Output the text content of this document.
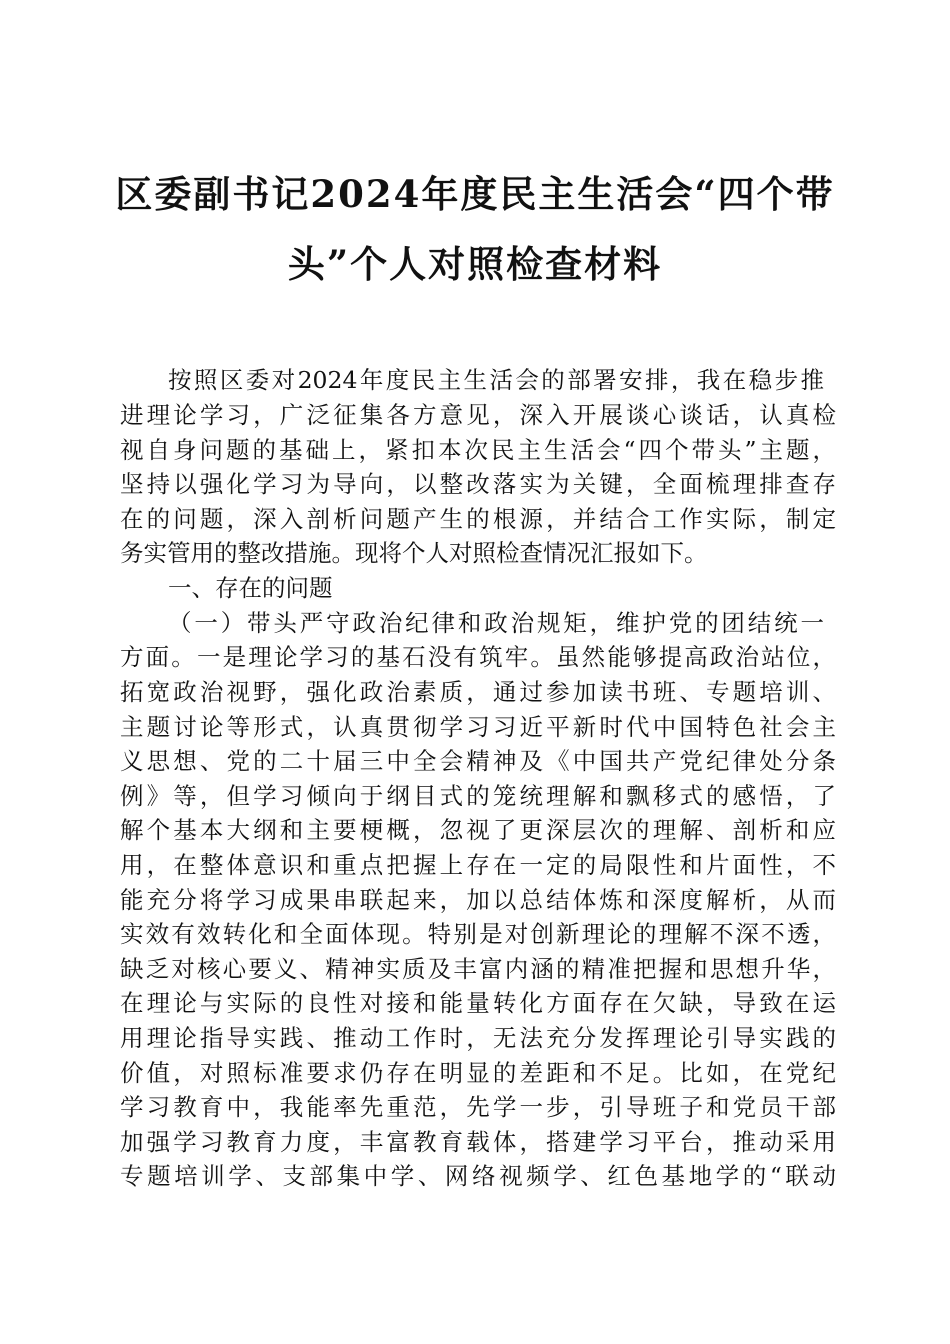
区委副书记2024年度民主生活会“四个带
头”个人对照检查材料
按照区委对2024年度民主生活会的部署安排，我在稳步推
进理论学习，广泛征集各方意见，深入开展谈心谈话，认真检
视自身问题的基础上，紧扣本次民主生活会“四个带头”主题，
坚持以强化学习为导向，以整改落实为关键，全面梳理排查存
在的问题，深入剖析问题产生的根源，并结合工作实际，制定
务实管用的整改措施。现将个人对照检查情况汇报如下。
一、存在的问题
（一）带头严守政治纪律和政治规矩，维护党的团结统一
方面。一是理论学习的基石没有筑牢。虽然能够提高政治站位，
拓宽政治视野，强化政治素质，通过参加读书班、专题培训、
主题讨论等形式，认真贯彻学习习近平新时代中国特色社会主
义思想、党的二十届三中全会精神及《中国共产党纪律处分条
例》等，但学习倾向于纲目式的笼统理解和飘移式的感悟，了
解个基本大纲和主要梗概，忽视了更深层次的理解、剖析和应
用，在整体意识和重点把握上存在一定的局限性和片面性，不
能充分将学习成果串联起来，加以总结体炼和深度解析，从而
实效有效转化和全面体现。特别是对创新理论的理解不深不透，
缺乏对核心要义、精神实质及丰富内涵的精准把握和思想升华，
在理论与实际的良性对接和能量转化方面存在欠缺，导致在运
用理论指导实践、推动工作时，无法充分发挥理论引导实践的
价值，对照标准要求仍存在明显的差距和不足。比如，在党纪
学习教育中，我能率先重范，先学一步，引导班子和党员干部
加强学习教育力度，丰富教育载体，搭建学习平台，推动采用
专题培训学、支部集中学、网络视频学、红色基地学的“联动
